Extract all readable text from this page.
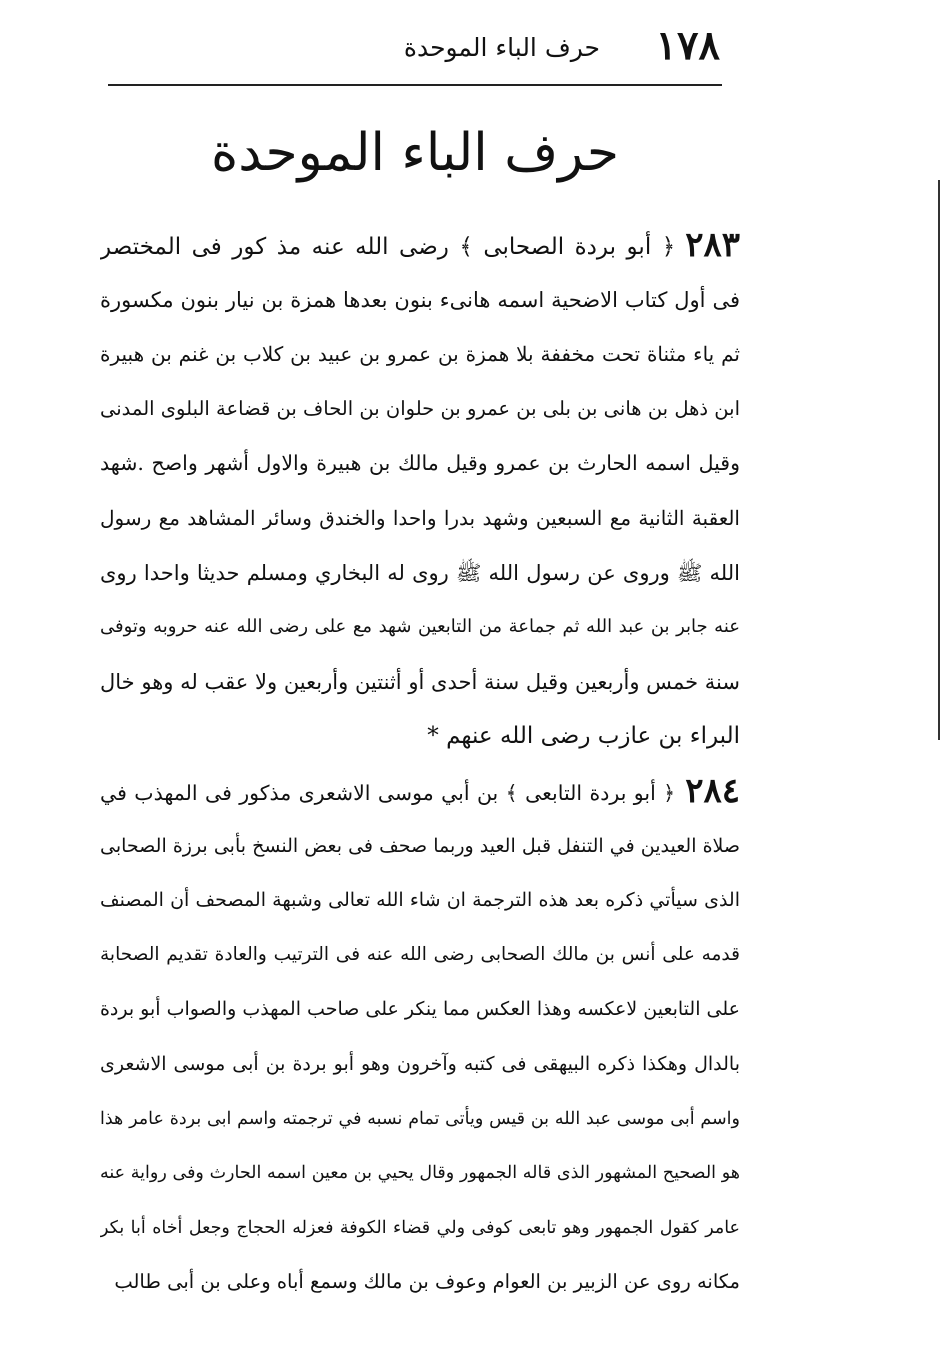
١٧٨
حرف الباء الموحدة
حرف الباء الموحدة
٢٨٣﴿ أبو بردة الصحابى ﴾ رضى الله عنه مذ كور فى المختصر
فى أول كتاب الاضحية اسمه هانىء بنون بعدها همزة بن نيار بنون مكسورة
ثم ياء مثناة تحت مخففة بلا همزة بن عمرو بن عبيد بن كلاب بن غنم بن هبيرة
ابن ذهل بن هانى بن بلى بن عمرو بن حلوان بن الحاف بن قضاعة البلوى المدنى
وقيل اسمه الحارث بن عمرو وقيل مالك بن هبيرة والاول أشهر واصح .شهد
العقبة الثانية مع السبعين وشهد بدرا واحدا والخندق وسائر المشاهد مع رسول
الله ﷺ وروى عن رسول الله ﷺ روى له البخاري ومسلم حديثا واحدا روى
عنه جابر بن عبد الله ثم جماعة من التابعين شهد مع على رضى الله عنه حروبه وتوفى
سنة خمس وأربعين وقيل سنة أحدى أو أثنتين وأربعين ولا عقب له وهو خال
البراء بن عازب رضى الله عنهم *
٢٨٤﴿ أبو بردة التابعى ﴾ بن أبي موسى الاشعرى مذكور فى المهذب في
صلاة العيدين في التنفل قبل العيد وربما صحف فى بعض النسخ بأبى برزة الصحابى
الذى سيأتي ذكره بعد هذه الترجمة ان شاء الله تعالى وشبهة المصحف أن المصنف
قدمه على أنس بن مالك الصحابى رضى الله عنه فى الترتيب والعادة تقديم الصحابة
على التابعين لاعكسه وهذا العكس مما ينكر على صاحب المهذب والصواب أبو بردة
بالدال وهكذا ذكره البيهقى فى كتبه وآخرون وهو أبو بردة بن أبى موسى الاشعرى
واسم أبى موسى عبد الله بن قيس ويأتى تمام نسبه في ترجمته واسم ابى بردة عامر هذا
هو الصحيح المشهور الذى قاله الجمهور وقال يحيي بن معين اسمه الحارث وفى رواية عنه
عامر كقول الجمهور وهو تابعى كوفى ولي قضاء الكوفة فعزله الحجاج وجعل أخاه أبا بكر
مكانه روى عن الزبير بن العوام وعوف بن مالك وسمع أباه وعلى بن أبى طالب
